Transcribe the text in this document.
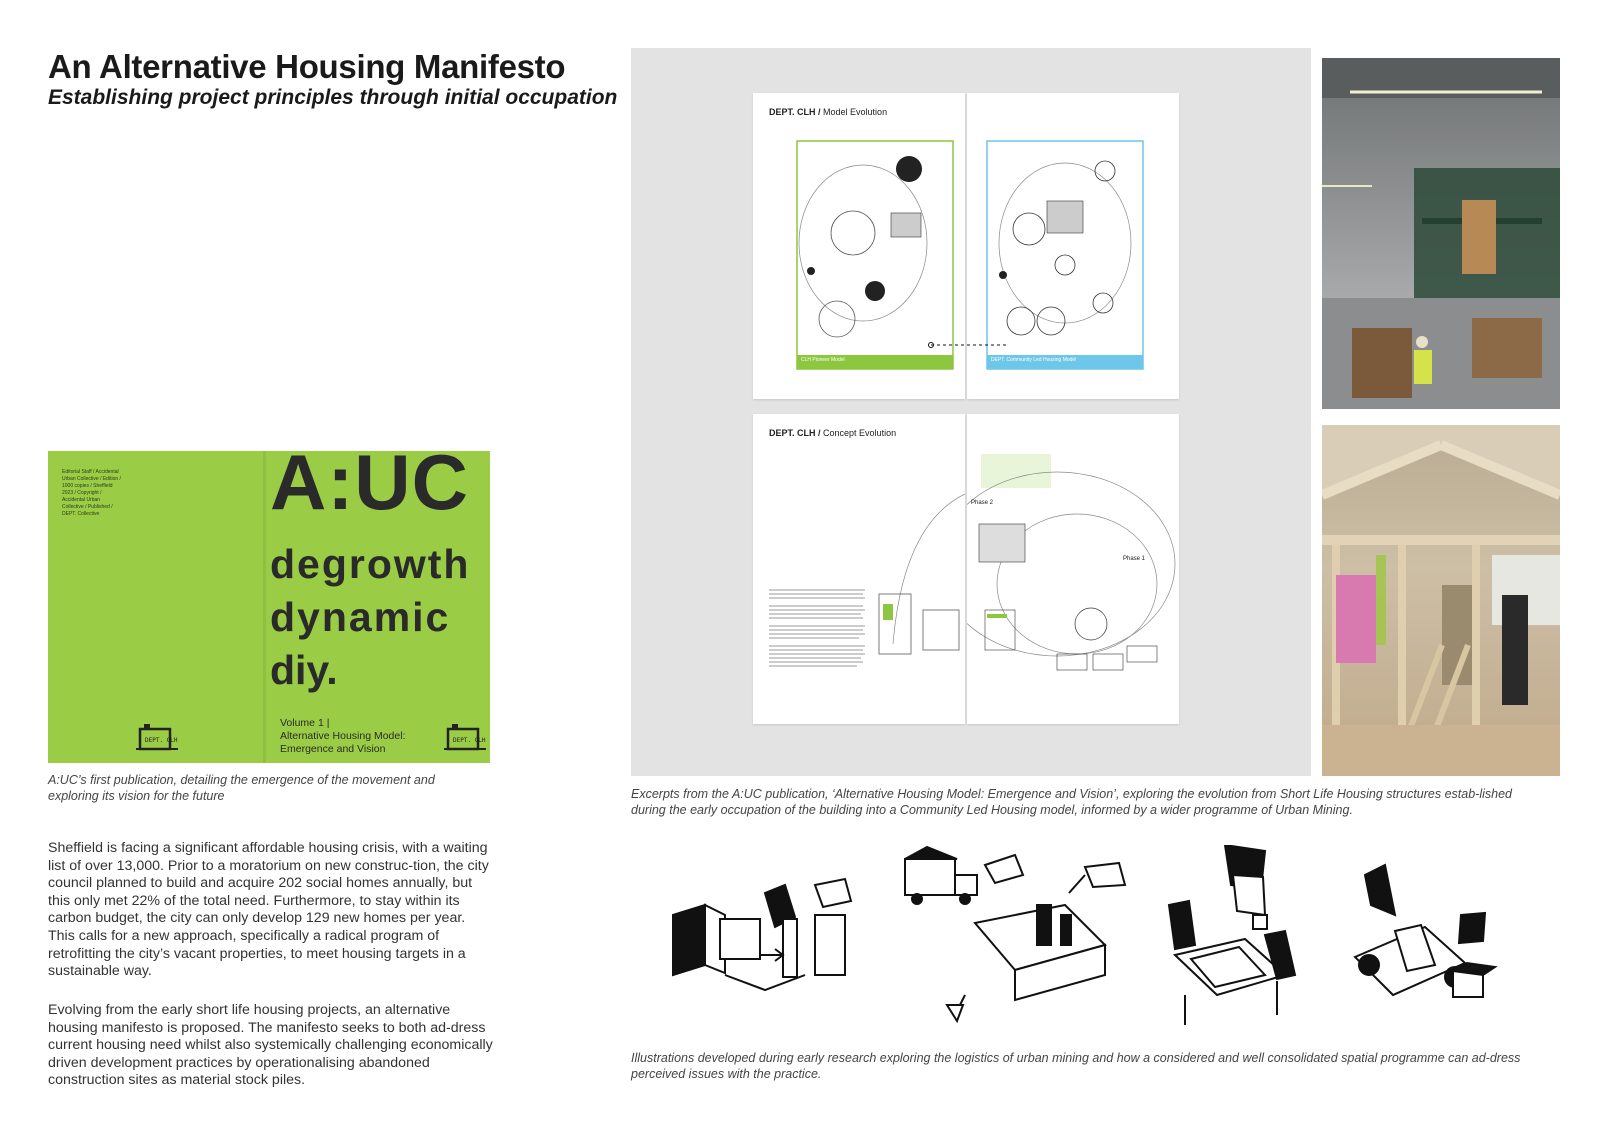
An Alternative Housing Manifesto
Establishing project principles through initial occupation
Editorial Staff / Accidental Urban Collective / Edition / 1000 copies / Sheffield 2023 / Copyright / Accidental Urban Collective / Published / DEPT. Collective A:UC
degrowth
dynamic
diy.
Volume 1 |
Alternative Housing Model:
Emergence and Vision
DEPT. CLH	DEPT. CLH
A:UC’s first publication, detailing the emergence of the movement and exploring its vision for the future
Sheffield is facing a significant affordable housing crisis, with a waiting list of over 13,000. Prior to a moratorium on new construc-tion, the city council planned to build and acquire 202 social homes annually, but this only met 22% of the total need. Furthermore, to stay within its carbon budget, the city can only develop 129 new homes per year. This calls for a new approach, specifically a radical program of retrofitting the city’s vacant properties, to meet housing targets in a sustainable way.
Evolving from the early short life housing projects, an alternative housing manifesto is proposed. The manifesto seeks to both ad-dress current housing need whilst also systemically challenging economically driven development practices by operationalising abandoned construction sites as material stock piles.
DEPT. CLH / Model Evolution
CLH Pioneer Model	DEPT. Community Led Housing Model
DEPT. CLH / Concept Evolution
Phase 2
Phase 1
Excerpts from the A:UC publication, ‘Alternative Housing Model: Emergence and Vision’, exploring the evolution from Short Life Housing structures estab-lished during the early occupation of the building into a Community Led Housing model, informed by a wider programme of Urban Mining.
Illustrations developed during early research exploring the logistics of urban mining and how a considered and well consolidated spatial programme can ad-dress perceived issues with the practice.
